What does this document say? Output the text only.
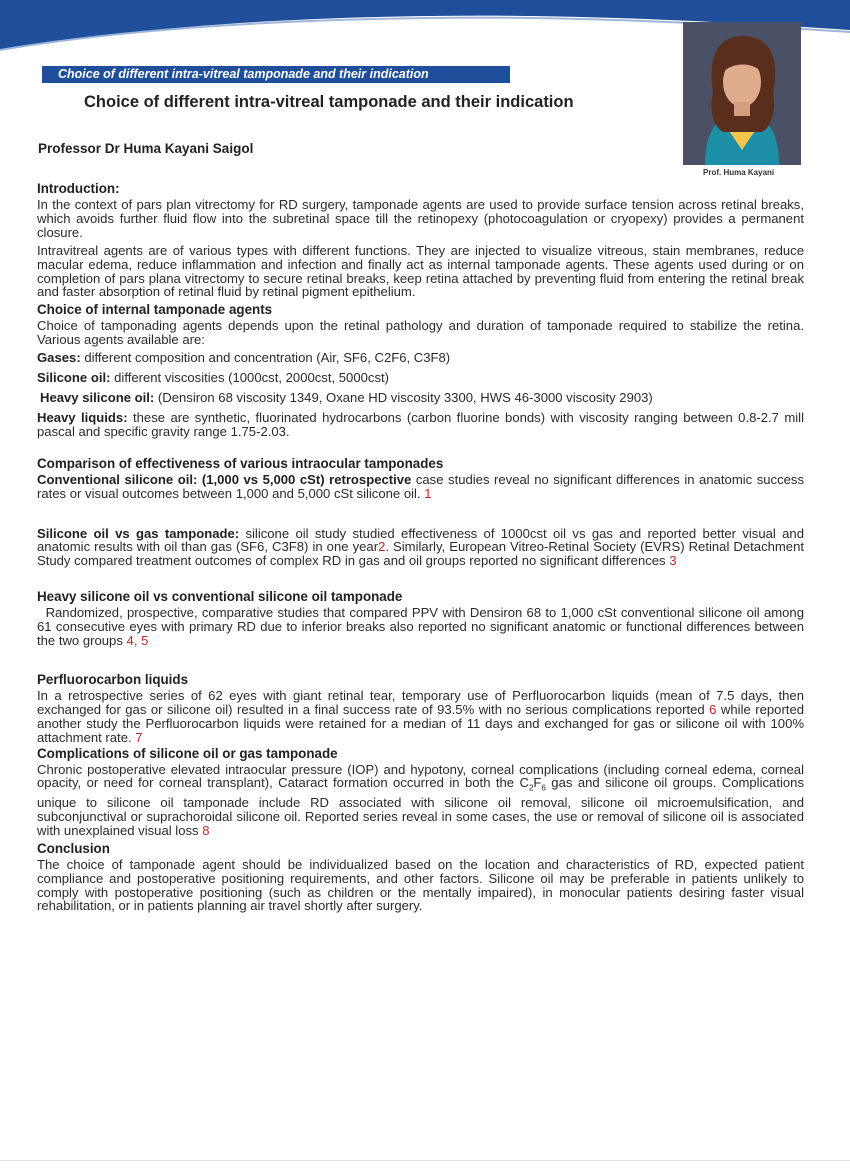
Choice of different intra-vitreal tamponade and their indication
Choice of different intra-vitreal tamponade and their indication
Professor Dr Huma Kayani Saigol
Prof. Huma Kayani
Introduction:

In the context of pars plan vitrectomy for RD surgery, tamponade agents are used to provide surface tension across retinal breaks, which avoids further fluid flow into the subretinal space till the retinopexy (photocoagulation or cryopexy) provides a permanent closure.

Intravitreal agents are of various types with different functions. They are injected to visualize vitreous, stain membranes, reduce macular edema, reduce inflammation and infection and finally act as internal tamponade agents. These agents used during or on completion of pars plana vitrectomy to secure retinal breaks, keep retina attached by preventing fluid from entering the retinal break and faster absorption of retinal fluid by retinal pigment epithelium.

Choice of internal tamponade agents

Choice of tamponading agents depends upon the retinal pathology and duration of tamponade required to stabilize the retina. Various agents available are:

Gases: different composition and concentration (Air, SF6, C2F6, C3F8)

Silicone oil: different viscosities (1000cst, 2000cst, 5000cst)

Heavy silicone oil: (Densiron 68 viscosity 1349, Oxane HD viscosity 3300, HWS 46-3000 viscosity 2903)

Heavy liquids: these are synthetic, fluorinated hydrocarbons (carbon fluorine bonds) with viscosity ranging between 0.8-2.7 mill pascal and specific gravity range 1.75-2.03.

Comparison of effectiveness of various intraocular tamponades

Conventional silicone oil: (1,000 vs 5,000 cSt) retrospective case studies reveal no significant differences in anatomic success rates or visual outcomes between 1,000 and 5,000 cSt silicone oil. 1

Silicone oil vs gas tamponade: silicone oil study studied effectiveness of 1000cst oil vs gas and reported better visual and anatomic results with oil than gas (SF6, C3F8) in one year2. Similarly, European Vitreo-Retinal Society (EVRS) Retinal Detachment Study compared treatment outcomes of complex RD in gas and oil groups reported no significant differences 3

Heavy silicone oil vs conventional silicone oil tamponade

Randomized, prospective, comparative studies that compared PPV with Densiron 68 to 1,000 cSt conventional silicone oil among 61 consecutive eyes with primary RD due to inferior breaks also reported no significant anatomic or functional differences between the two groups 4, 5

Perfluorocarbon liquids

In a retrospective series of 62 eyes with giant retinal tear, temporary use of Perfluorocarbon liquids (mean of 7.5 days, then exchanged for gas or silicone oil) resulted in a final success rate of 93.5% with no serious complications reported 6 while reported another study the Perfluorocarbon liquids were retained for a median of 11 days and exchanged for gas or silicone oil with 100% attachment rate. 7

Complications of silicone oil or gas tamponade

Chronic postoperative elevated intraocular pressure (IOP) and hypotony, corneal complications (including corneal edema, corneal opacity, or need for corneal transplant), Cataract formation occurred in both the $C_2F_6$ gas and silicone oil groups. Complications unique to silicone oil tamponade include RD associated with silicone oil removal, silicone oil microemulsification, and subconjunctival or suprachoroidal silicone oil. Reported series reveal in some cases, the use or removal of silicone oil is associated with unexplained visual loss 8

Conclusion

The choice of tamponade agent should be individualized based on the location and characteristics of RD, expected patient compliance and postoperative positioning requirements, and other factors. Silicone oil may be preferable in patients unlikely to comply with postoperative positioning (such as children or the mentally impaired), in monocular patients desiring faster visual rehabilitation, or in patients planning air travel shortly after surgery.
